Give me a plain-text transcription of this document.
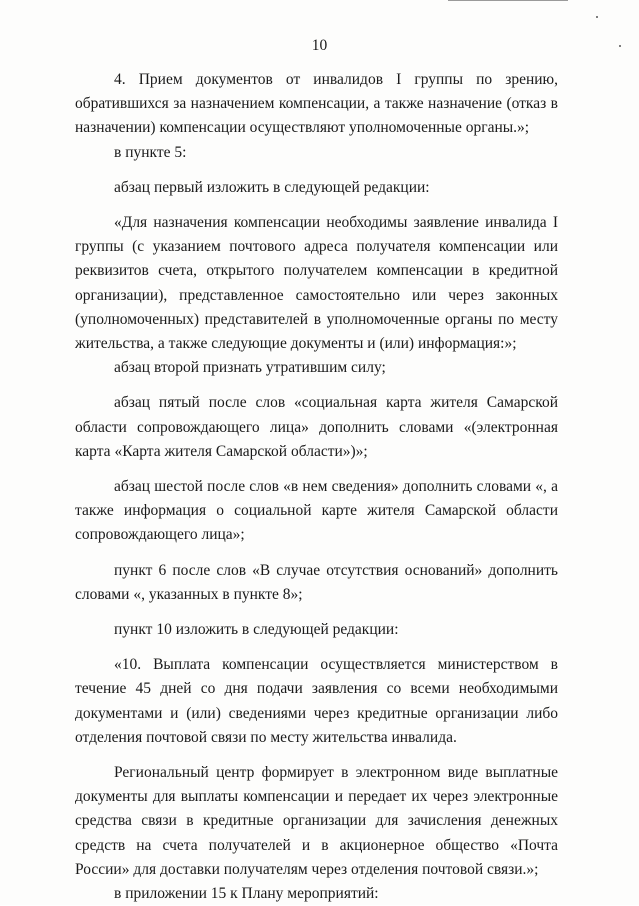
10

4. Прием документов от инвалидов I группы по зрению, обратившихся за назначением компенсации, а также назначение (отказ в назначении) компенсации осуществляют уполномоченные органы.»;

в пункте 5:

абзац первый изложить в следующей редакции:

«Для назначения компенсации необходимы заявление инвалида I группы (с указанием почтового адреса получателя компенсации или реквизитов счета, открытого получателем компенсации в кредитной организации), представленное самостоятельно или через законных (уполномоченных) представителей в уполномоченные органы по месту жительства, а также следующие документы и (или) информация:»;

абзац второй признать утратившим силу;

абзац пятый после слов «социальная карта жителя Самарской области сопровождающего лица» дополнить словами «(электронная карта «Карта жителя Самарской области»)»;

абзац шестой после слов «в нем сведения» дополнить словами «, а также информация о социальной карте жителя Самарской области сопровождающего лица»;

пункт 6 после слов «В случае отсутствия оснований» дополнить словами «, указанных в пункте 8»;

пункт 10 изложить в следующей редакции:

«10. Выплата компенсации осуществляется министерством в течение 45 дней со дня подачи заявления со всеми необходимыми документами и (или) сведениями через кредитные организации либо отделения почтовой связи по месту жительства инвалида.

Региональный центр формирует в электронном виде выплатные документы для выплаты компенсации и передает их через электронные средства связи в кредитные организации для зачисления денежных средств на счета получателей и в акционерное общество «Почта России» для доставки получателям через отделения почтовой связи.»;

в приложении 15 к Плану мероприятий:
